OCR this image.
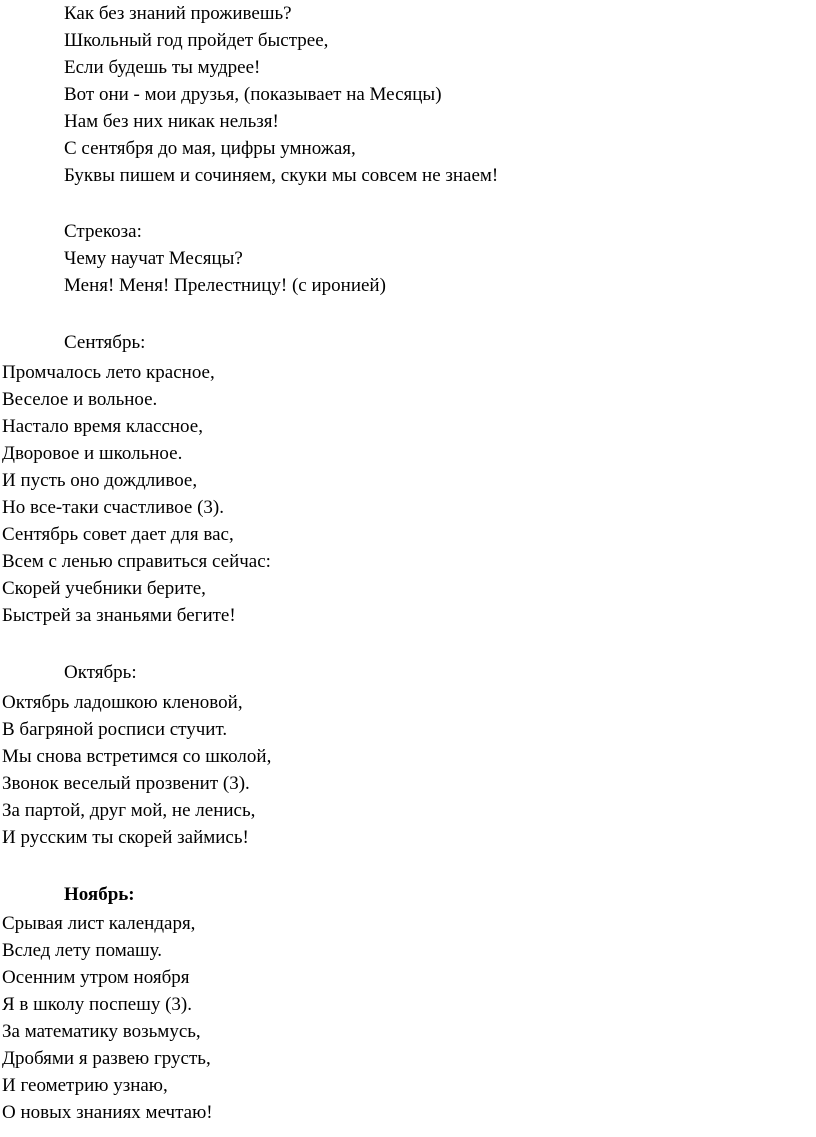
Как без знаний проживешь?
Школьный год пройдет быстрее,
Если будешь ты мудрее!
Вот они - мои друзья, (показывает на Месяцы)
Нам без них никак нельзя!
С сентября до мая, цифры умножая,
Буквы пишем и сочиняем, скуки мы совсем не знаем!
Стрекоза:
Чему научат Месяцы?
Меня! Меня! Прелестницу! (с иронией)
Сентябрь:
Промчалось лето красное,
Веселое и вольное.
Настало время классное,
Дворовое и школьное.
И пусть оно дождливое,
Но все-таки счастливое (3).
Сентябрь совет дает для вас,
Всем с ленью справиться сейчас:
Скорей учебники берите,
Быстрей за знаньями бегите!
Октябрь:
Октябрь ладошкою кленовой,
В багряной росписи стучит.
Мы снова встретимся со школой,
Звонок веселый прозвенит (3).
За партой, друг мой, не ленись,
И русским ты скорей займись!
Ноябрь:
Срывая лист календаря,
Вслед лету помашу.
Осенним утром ноября
Я в школу поспешу (3).
За математику возьмусь,
Дробями я развею грусть,
И геометрию узнаю,
О новых знаниях мечтаю!
